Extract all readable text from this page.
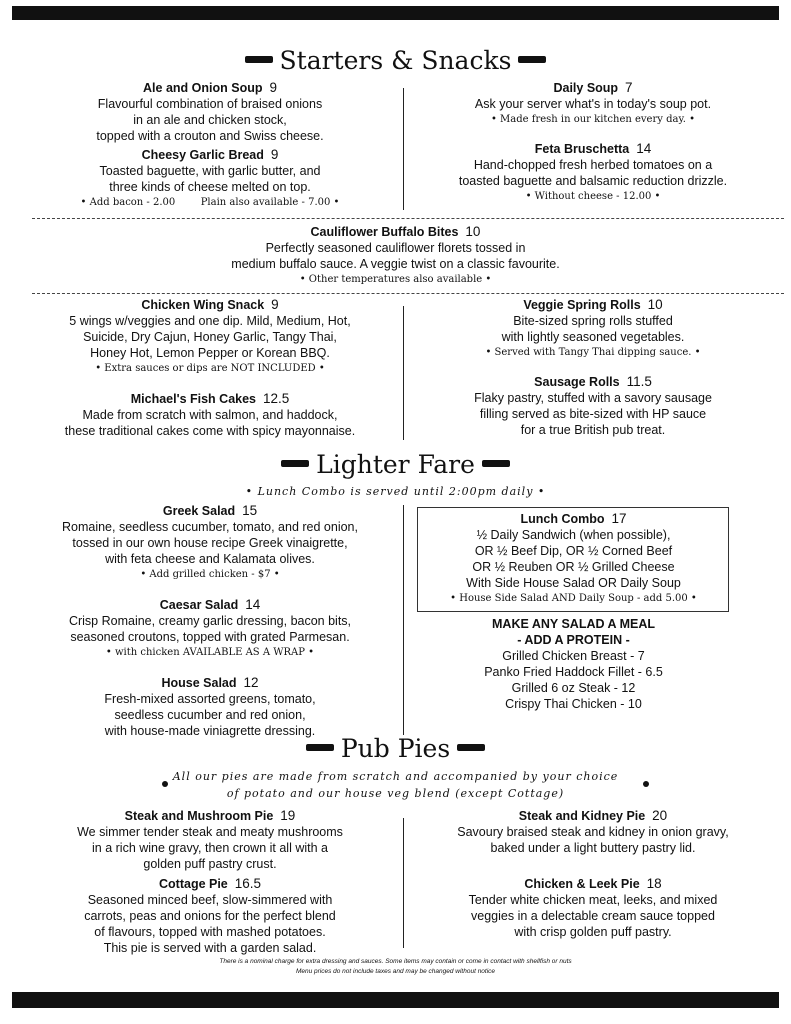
Starters & Snacks
Ale and Onion Soup 9
Flavourful combination of braised onions
in an ale and chicken stock,
topped with a crouton and Swiss cheese.
Cheesy Garlic Bread 9
Toasted baguette, with garlic butter, and
three kinds of cheese melted on top.
• Add bacon - 2.00	Plain also available - 7.00 •
Daily Soup 7
Ask your server what's in today's soup pot.
• Made fresh in our kitchen every day. •
Feta Bruschetta 14
Hand-chopped fresh herbed tomatoes on a
toasted baguette and balsamic reduction drizzle.
• Without cheese - 12.00 •
Cauliflower Buffalo Bites 10
Perfectly seasoned cauliflower florets tossed in
medium buffalo sauce. A veggie twist on a classic favourite.
• Other temperatures also available •
Chicken Wing Snack 9
5 wings w/veggies and one dip. Mild, Medium, Hot,
Suicide, Dry Cajun, Honey Garlic, Tangy Thai,
Honey Hot, Lemon Pepper or Korean BBQ.
• Extra sauces or dips are NOT INCLUDED •
Michael's Fish Cakes 12.5
Made from scratch with salmon, and haddock,
these traditional cakes come with spicy mayonnaise.
Veggie Spring Rolls 10
Bite-sized spring rolls stuffed
with lightly seasoned vegetables.
• Served with Tangy Thai dipping sauce. •
Sausage Rolls 11.5
Flaky pastry, stuffed with a savory sausage
filling served as bite-sized with HP sauce
for a true British pub treat.
Lighter Fare
• Lunch Combo is served until 2:00pm daily •
Greek Salad 15
Romaine, seedless cucumber, tomato, and red onion,
tossed in our own house recipe Greek vinaigrette,
with feta cheese and Kalamata olives.
• Add grilled chicken - $7 •
Caesar Salad 14
Crisp Romaine, creamy garlic dressing, bacon bits,
seasoned croutons, topped with grated Parmesan.
• with chicken AVAILABLE AS A WRAP •
House Salad 12
Fresh-mixed assorted greens, tomato,
seedless cucumber and red onion,
with house-made viniagrette dressing.
Lunch Combo 17
½ Daily Sandwich (when possible),
OR ½ Beef Dip, OR ½ Corned Beef
OR ½ Reuben OR ½ Grilled Cheese
With Side House Salad OR Daily Soup
• House Side Salad AND Daily Soup - add 5.00 •
MAKE ANY SALAD A MEAL
- ADD A PROTEIN -
Grilled Chicken Breast - 7
Panko Fried Haddock Fillet - 6.5
Grilled 6 oz Steak - 12
Crispy Thai Chicken - 10
Pub Pies
All our pies are made from scratch and accompanied by your choice
of potato and our house veg blend (except Cottage)
Steak and Mushroom Pie 19
We simmer tender steak and meaty mushrooms
in a rich wine gravy, then crown it all with a
golden puff pastry crust.
Cottage Pie 16.5
Seasoned minced beef, slow-simmered with
carrots, peas and onions for the perfect blend
of flavours, topped with mashed potatoes.
This pie is served with a garden salad.
Steak and Kidney Pie 20
Savoury braised steak and kidney in onion gravy,
baked under a light buttery pastry lid.
Chicken & Leek Pie 18
Tender white chicken meat, leeks, and mixed
veggies in a delectable cream sauce topped
with crisp golden puff pastry.
There is a nominal charge for extra dressing and sauces. Some items may contain or come in contact with shellfish or nuts
Menu prices do not include taxes and may be changed without notice
